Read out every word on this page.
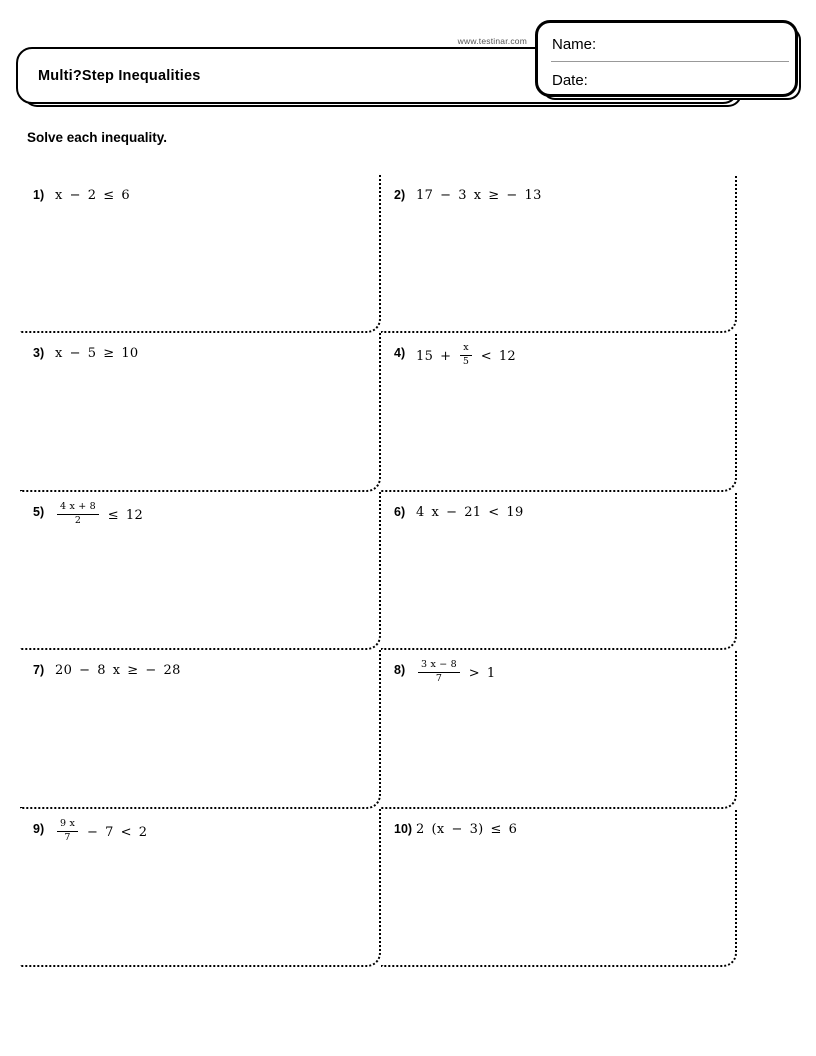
www.testinar.com
Multi?Step Inequalities
Name:
Date:
Solve each inequality.
1) x − 2 ≤ 6	2) 17 − 3 x ≥ − 13
3) x − 5 ≥ 10	4) $15 + \frac{x}{5} < 12$
$5) \frac{4 x + 8}{2} \le 12$	6) 4 x − 21 < 19
7) 20 − 8 x ≥ − 28	$8) \frac{3 x - 8}{7} > 1$
$9) \frac{9 x}{7} - 7 < 2$	10) 2 (x − 3) ≤ 6
